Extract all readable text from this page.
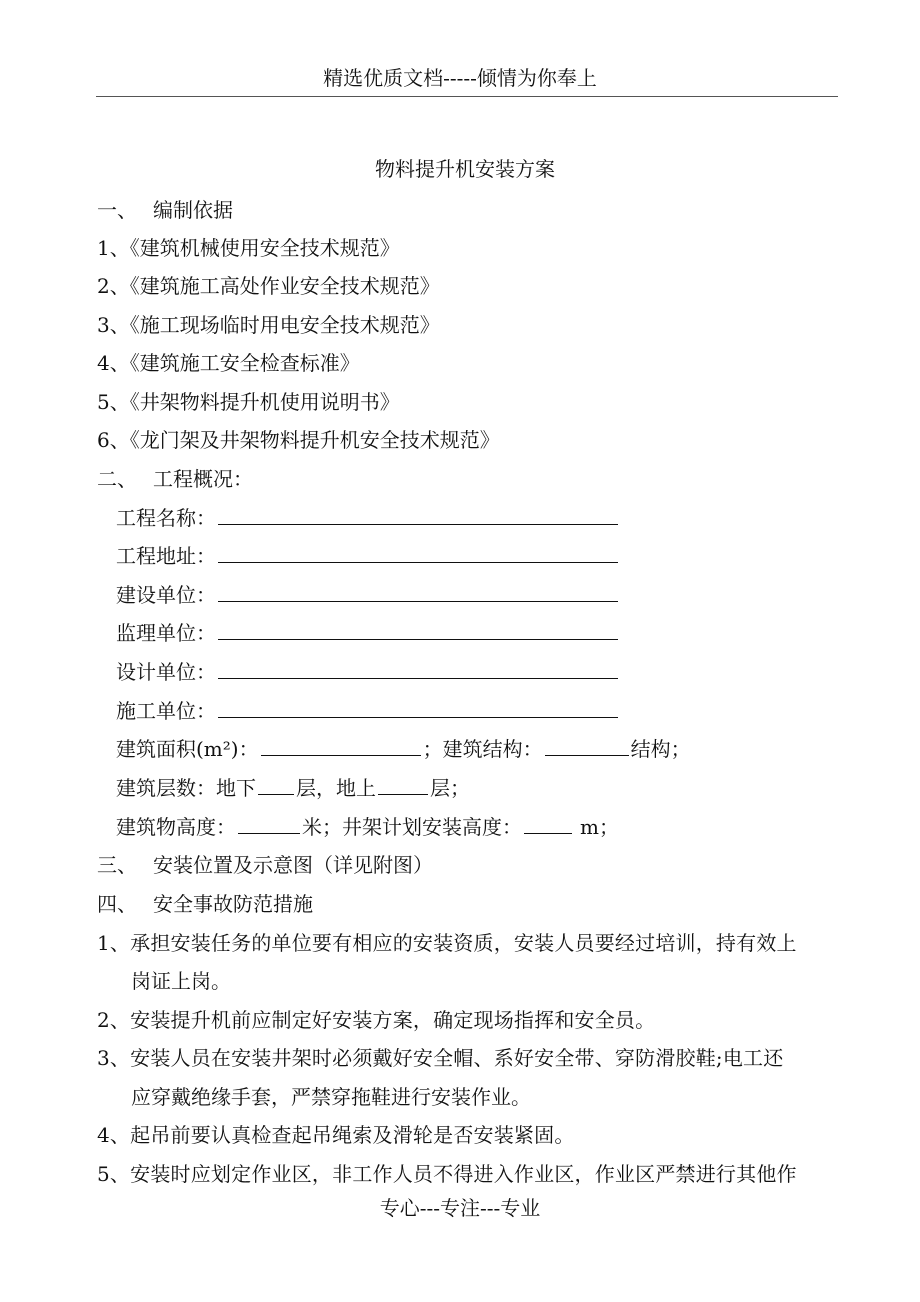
精选优质文档-----倾情为你奉上
物料提升机安装方案
一、 编制依据
1、《建筑机械使用安全技术规范》
2、《建筑施工高处作业安全技术规范》
3、《施工现场临时用电安全技术规范》
4、《建筑施工安全检查标准》
5、《井架物料提升机使用说明书》
6、《龙门架及井架物料提升机安全技术规范》
二、 工程概况：
工程名称：
工程地址：
建设单位：
监理单位：
设计单位：
施工单位：
建筑面积(m²)：	；建筑结构：	结构；
建筑层数：地下 层，地上	层；
建筑物高度：	米；井架计划安装高度：	m；
三、 安装位置及示意图（详见附图）
四、 安全事故防范措施
1、承担安装任务的单位要有相应的安装资质，安装人员要经过培训，持有效上
岗证上岗。
2、安装提升机前应制定好安装方案，确定现场指挥和安全员。
3、安装人员在安装井架时必须戴好安全帽、系好安全带、穿防滑胶鞋;电工还
应穿戴绝缘手套，严禁穿拖鞋进行安装作业。
4、起吊前要认真检查起吊绳索及滑轮是否安装紧固。
5、安装时应划定作业区，非工作人员不得进入作业区，作业区严禁进行其他作
专心---专注---专业
